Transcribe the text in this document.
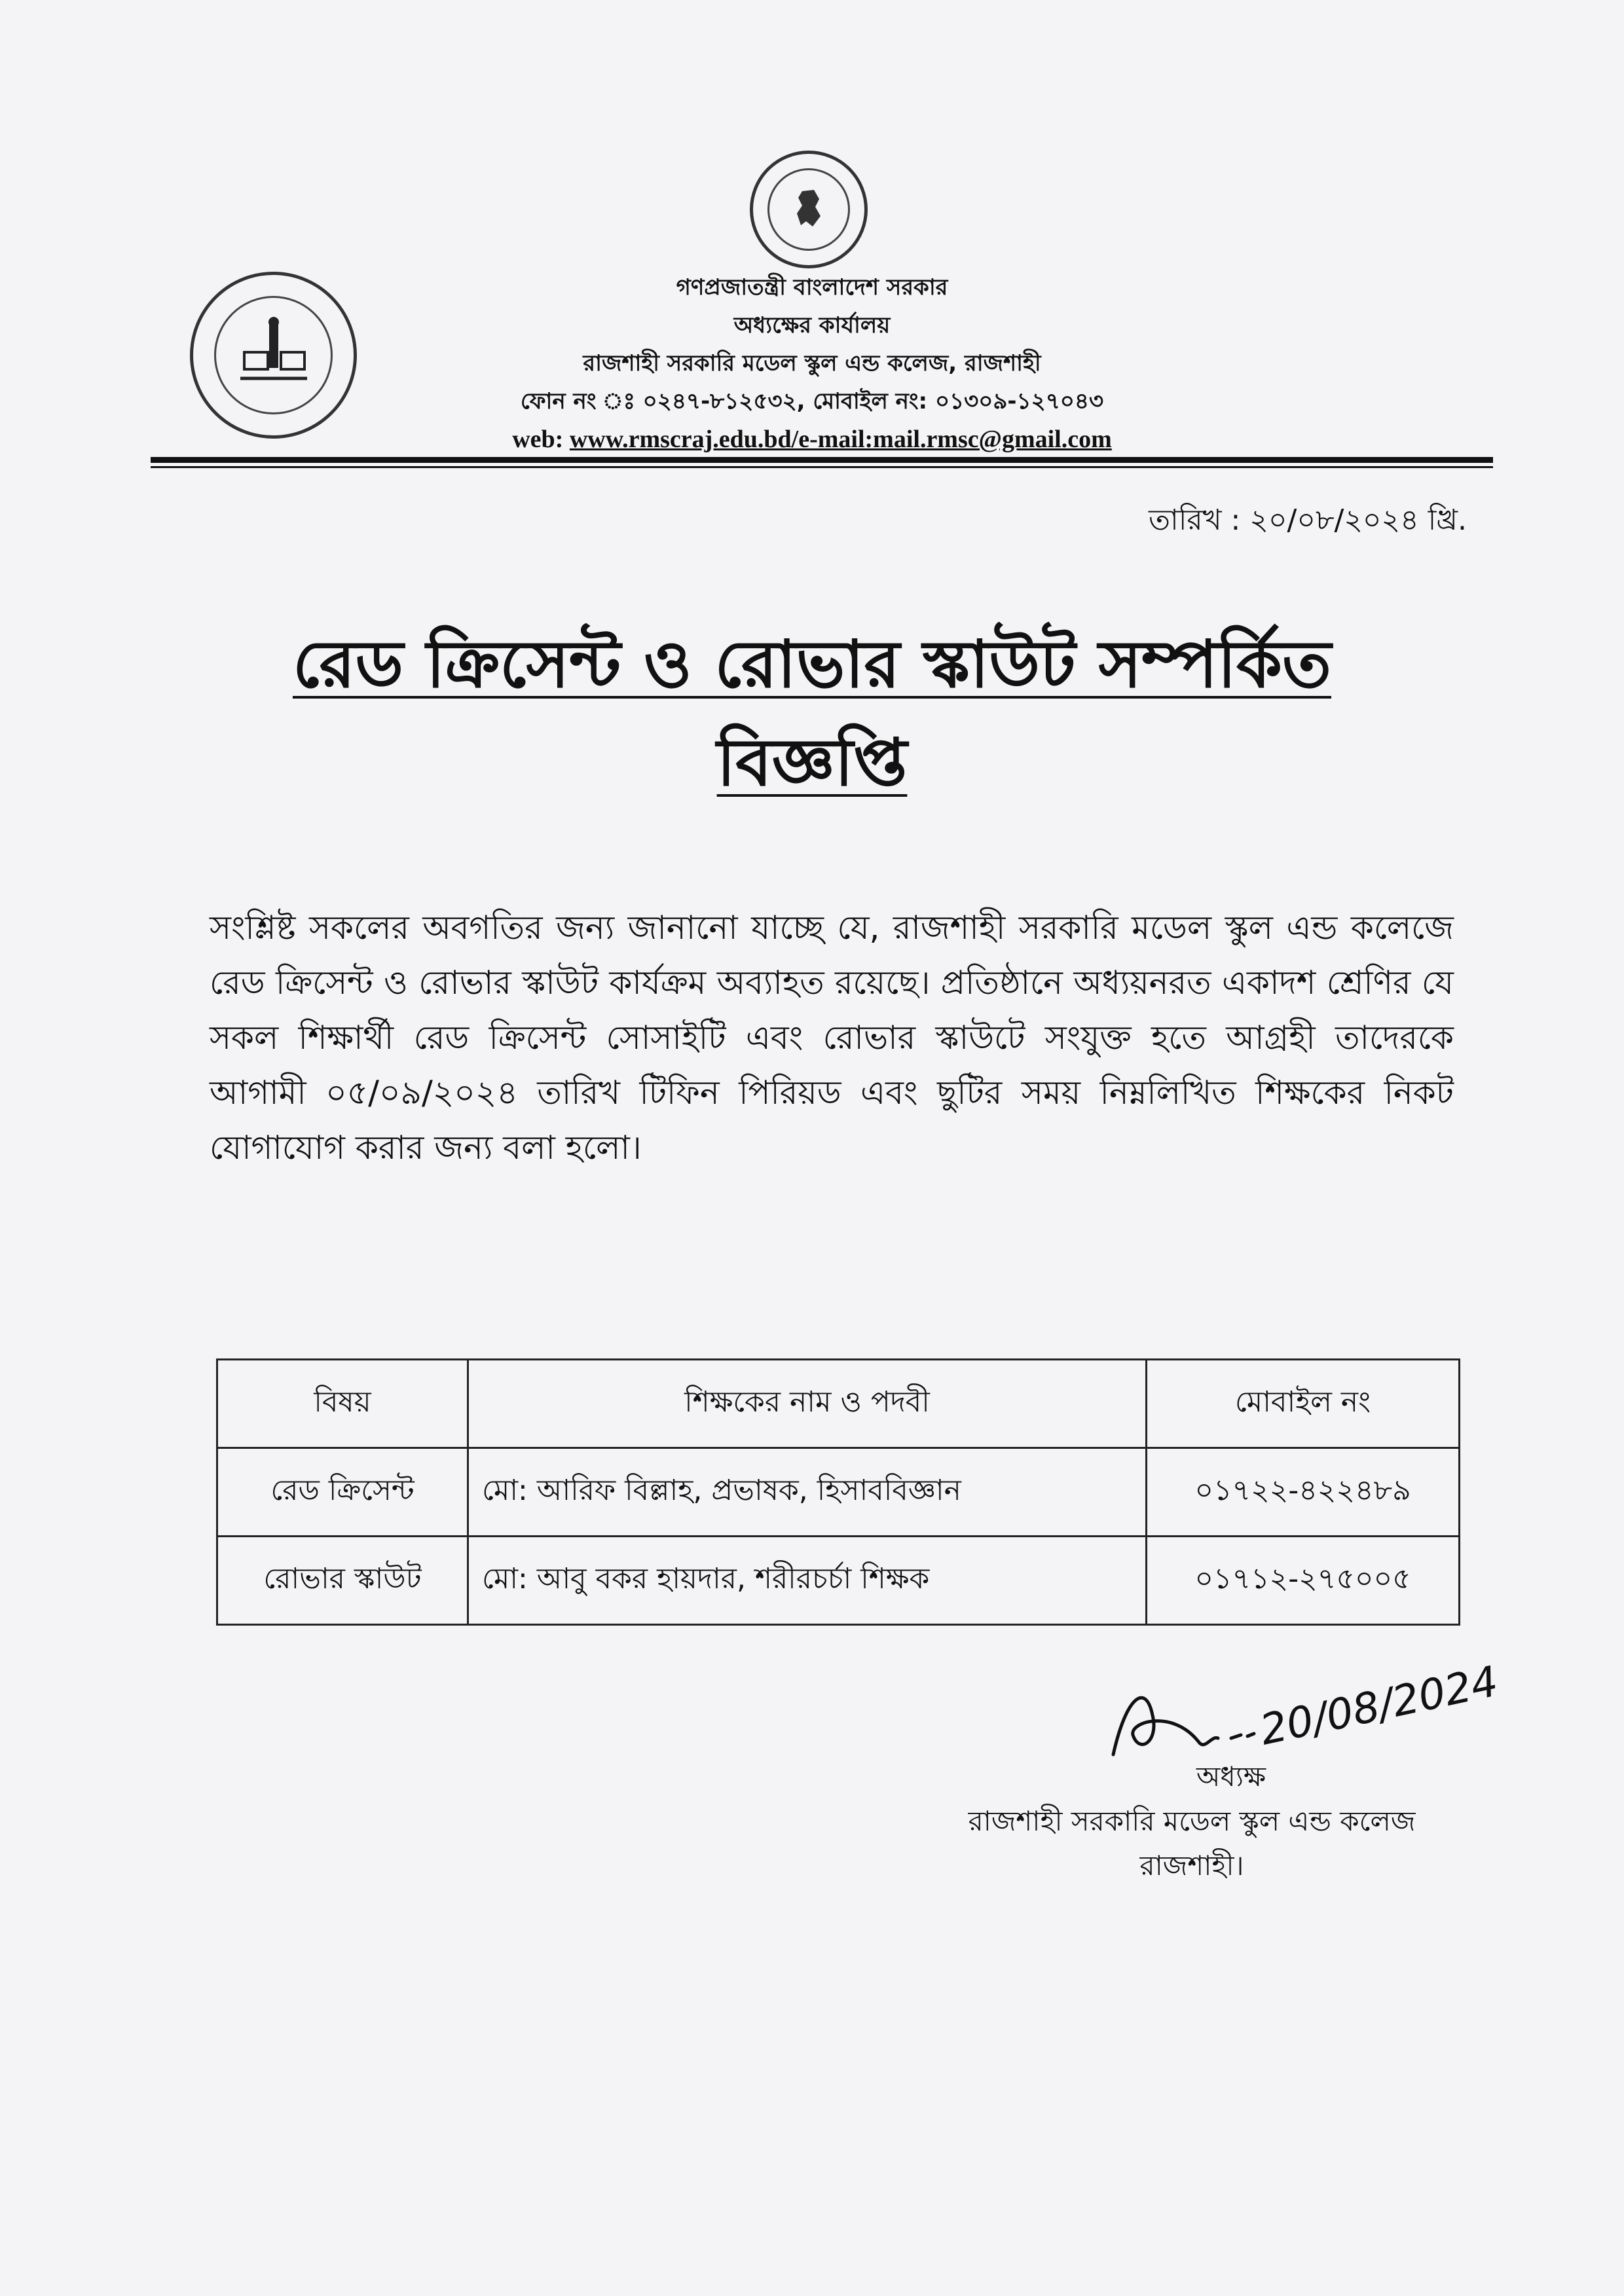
গণপ্রজাতন্ত্রী বাংলাদেশ সরকার
অধ্যক্ষের কার্যালয়
রাজশাহী সরকারি মডেল স্কুল এন্ড কলেজ, রাজশাহী
ফোন নং ঃ ০২৪৭-৮১২৫৩২, মোবাইল নং: ০১৩০৯-১২৭০৪৩
web: www.rmscraj.edu.bd/e-mail:mail.rmsc@gmail.com
তারিখ : ২০/০৮/২০২৪ খ্রি.
রেড ক্রিসেন্ট ও রোভার স্কাউট সম্পর্কিত
বিজ্ঞপ্তি
সংশ্লিষ্ট সকলের অবগতির জন্য জানানো যাচ্ছে যে, রাজশাহী সরকারি মডেল স্কুল এন্ড কলেজে রেড ক্রিসেন্ট ও রোভার স্কাউট কার্যক্রম অব্যাহত রয়েছে। প্রতিষ্ঠানে অধ্যয়নরত একাদশ শ্রেণির যে সকল শিক্ষার্থী রেড ক্রিসেন্ট সোসাইটি এবং রোভার স্কাউটে সংযুক্ত হতে আগ্রহী তাদেরকে আগামী ০৫/০৯/২০২৪ তারিখ টিফিন পিরিয়ড এবং ছুটির সময় নিম্নলিখিত শিক্ষকের নিকট যোগাযোগ করার জন্য বলা হলো।
বিষয়	শিক্ষকের নাম ও পদবী	মোবাইল নং
রেড ক্রিসেন্ট	মো: আরিফ বিল্লাহ, প্রভাষক, হিসাববিজ্ঞান	০১৭২২-৪২২৪৮৯
রোভার স্কাউট	মো: আবু বকর হায়দার, শরীরচর্চা শিক্ষক	০১৭১২-২৭৫০০৫
20/08/2024
অধ্যক্ষ
রাজশাহী সরকারি মডেল স্কুল এন্ড কলেজ
রাজশাহী।
